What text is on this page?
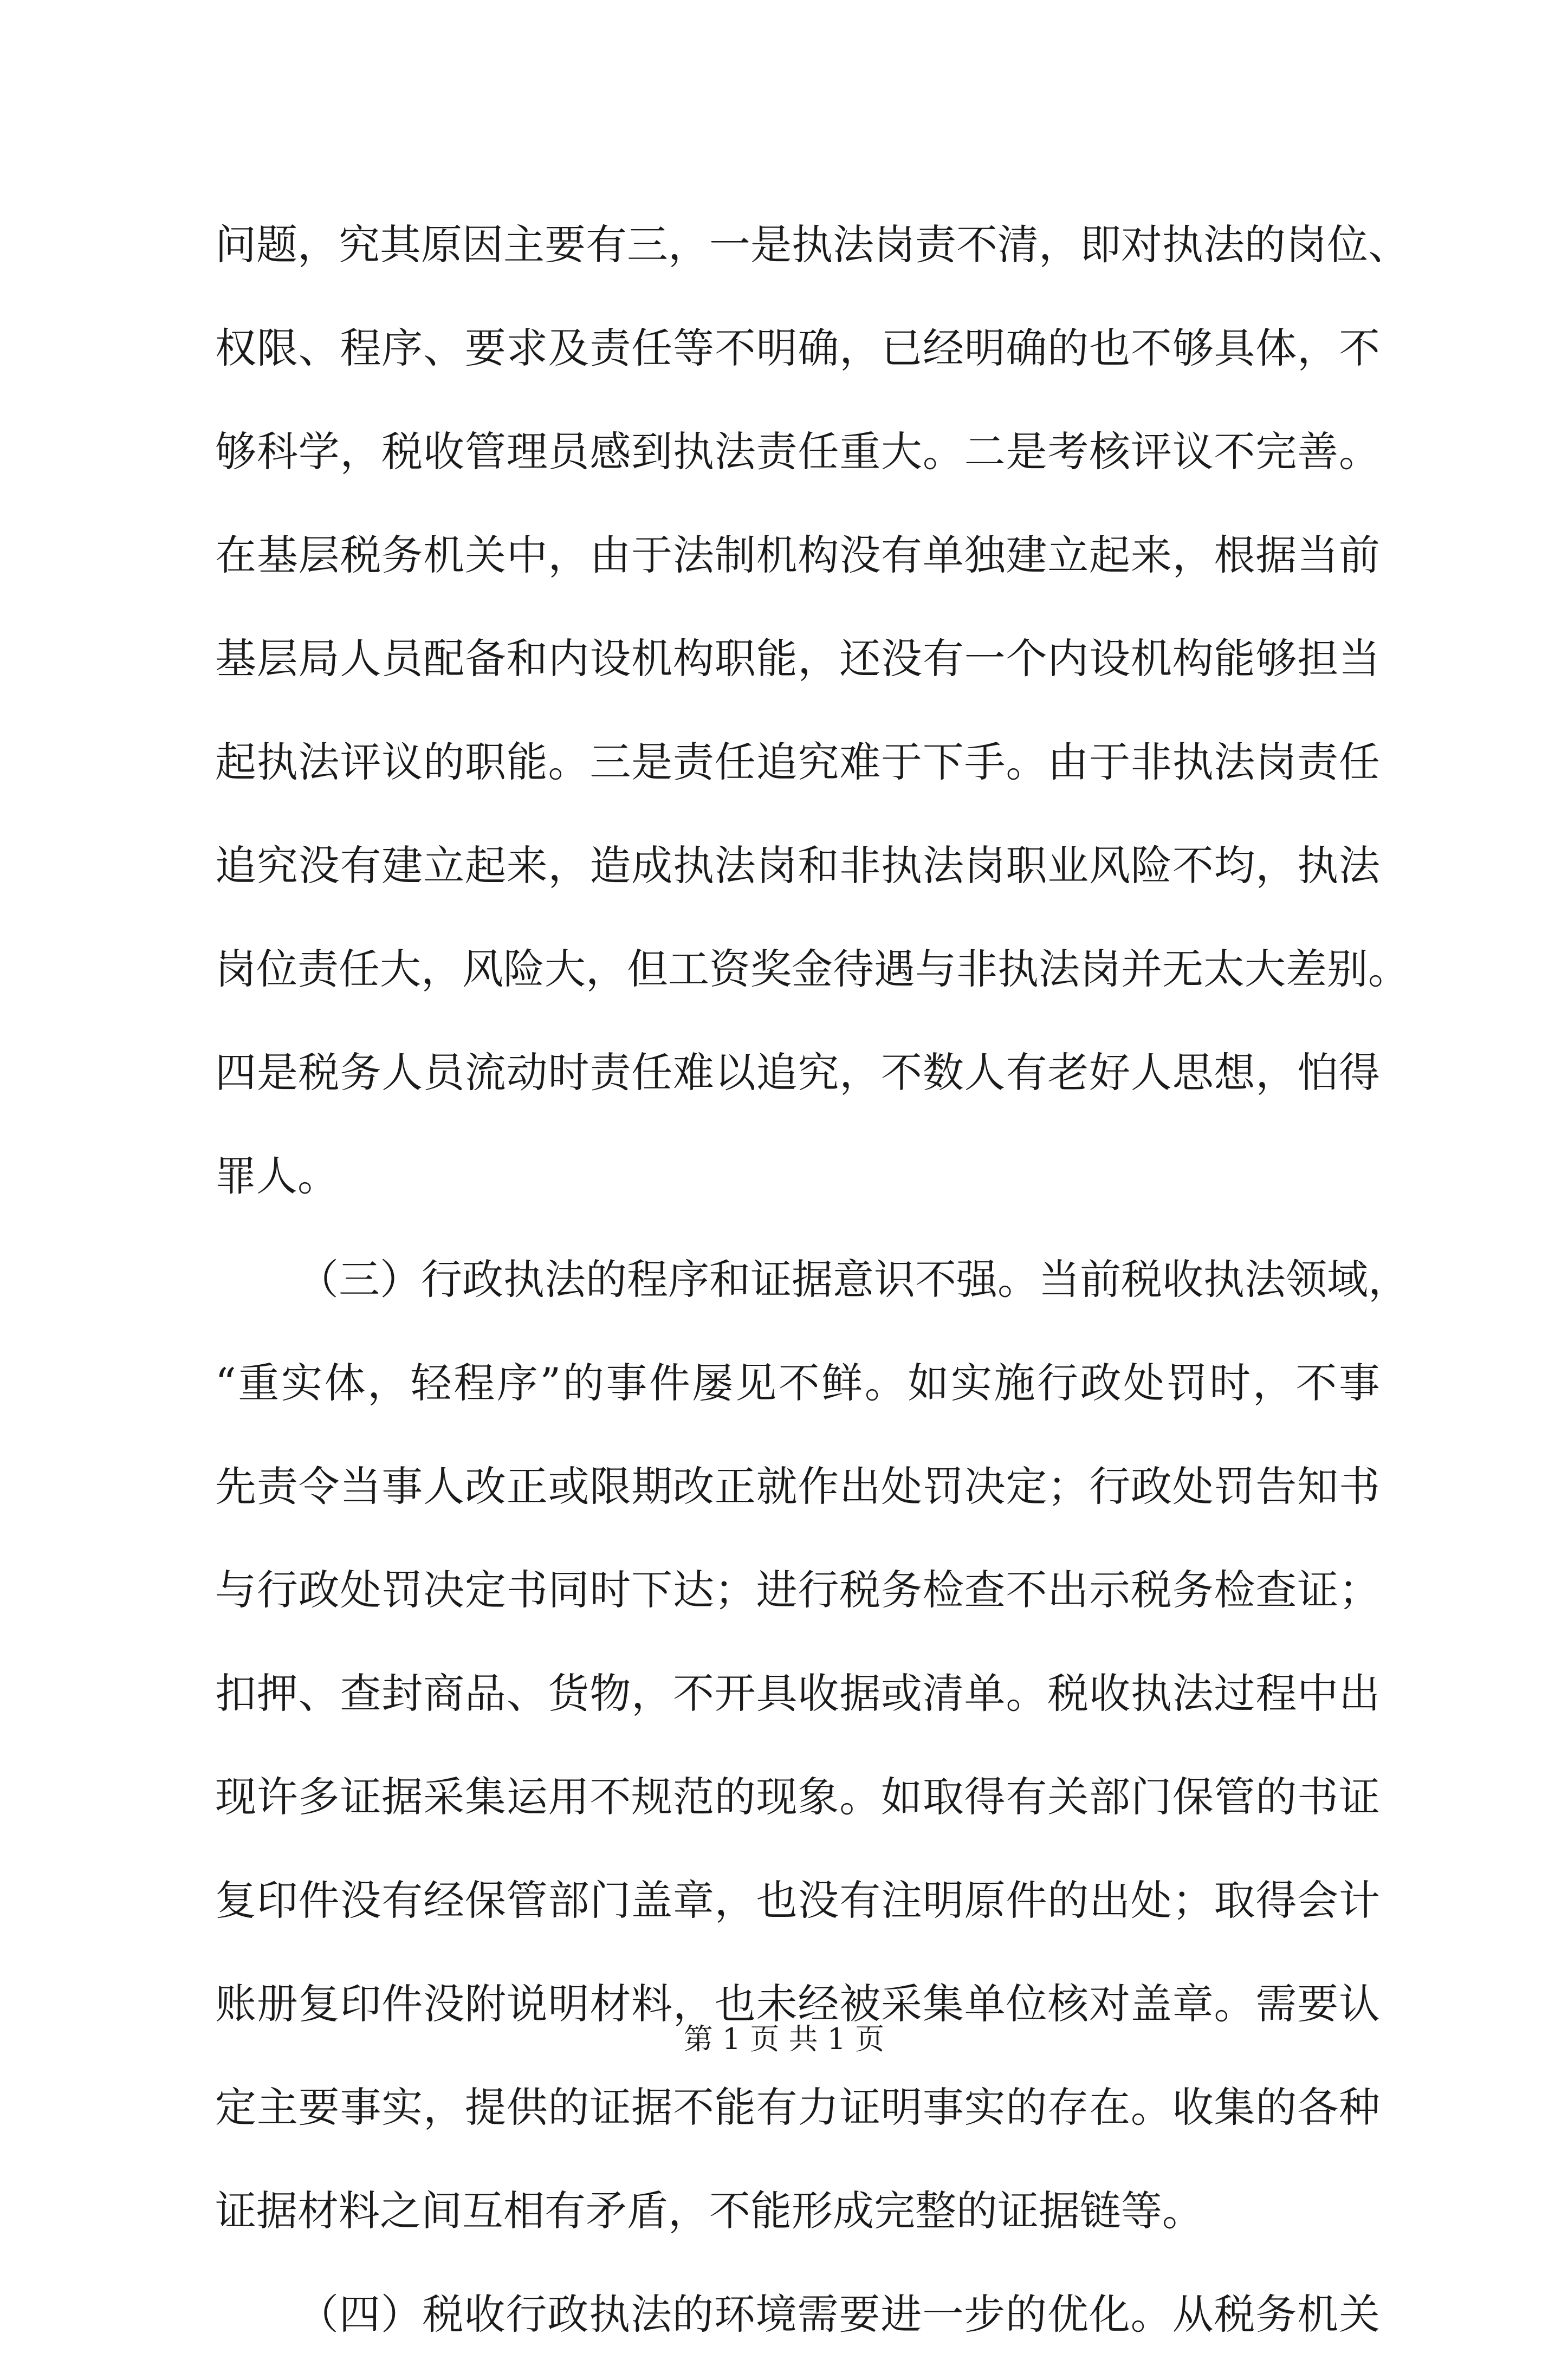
问题，究其原因主要有三，一是执法岗责不清，即对执法的岗位、
权限、程序、要求及责任等不明确，已经明确的也不够具体，不
够科学，税收管理员感到执法责任重大。二是考核评议不完善。
在基层税务机关中，由于法制机构没有单独建立起来，根据当前
基层局人员配备和内设机构职能，还没有一个内设机构能够担当
起执法评议的职能。三是责任追究难于下手。由于非执法岗责任
追究没有建立起来，造成执法岗和非执法岗职业风险不均，执法
岗位责任大，风险大，但工资奖金待遇与非执法岗并无太大差别。
四是税务人员流动时责任难以追究，不数人有老好人思想，怕得
罪人。
（三）行政执法的程序和证据意识不强。当前税收执法领域，
“重实体，轻程序”的事件屡见不鲜。如实施行政处罚时，不事
先责令当事人改正或限期改正就作出处罚决定；行政处罚告知书
与行政处罚决定书同时下达；进行税务检查不出示税务检查证；
扣押、查封商品、货物，不开具收据或清单。税收执法过程中出
现许多证据采集运用不规范的现象。如取得有关部门保管的书证
复印件没有经保管部门盖章，也没有注明原件的出处；取得会计
账册复印件没附说明材料，也未经被采集单位核对盖章。需要认
定主要事实，提供的证据不能有力证明事实的存在。收集的各种
证据材料之间互相有矛盾，不能形成完整的证据链等。
（四）税收行政执法的环境需要进一步的优化。从税务机关
第 1 页 共 1 页
